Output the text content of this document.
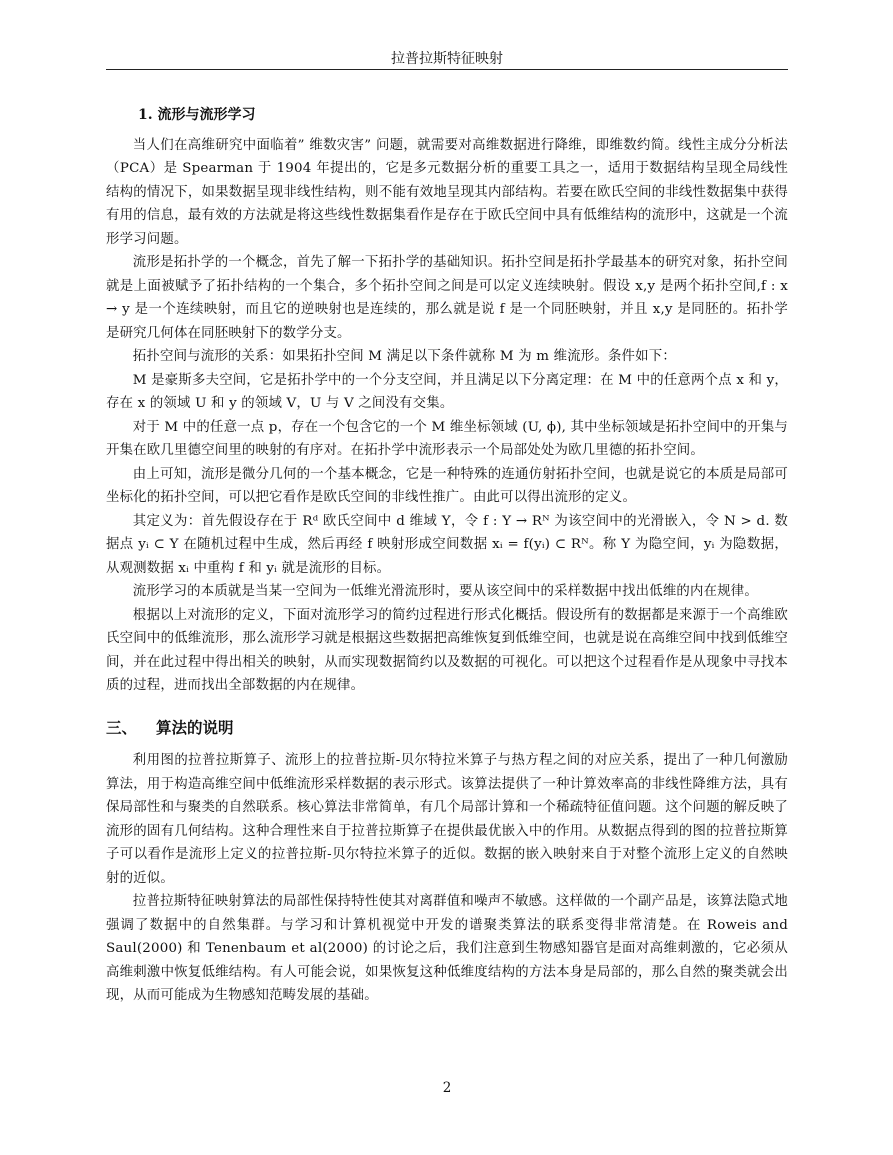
拉普拉斯特征映射
1. 流形与流形学习

当人们在高维研究中面临着” 维数灾害” 问题，就需要对高维数据进行降维，即维数约简。线性主成分分析法（PCA）是 Spearman 于 1904 年提出的，它是多元数据分析的重要工具之一，适用于数据结构呈现全局线性结构的情况下，如果数据呈现非线性结构，则不能有效地呈现其内部结构。若要在欧氏空间的非线性数据集中获得有用的信息，最有效的方法就是将这些线性数据集看作是存在于欧氏空间中具有低维结构的流形中，这就是一个流形学习问题。

流形是拓扑学的一个概念，首先了解一下拓扑学的基础知识。拓扑空间是拓扑学最基本的研究对象，拓扑空间就是上面被赋予了拓扑结构的一个集合，多个拓扑空间之间是可以定义连续映射。假设 x,y 是两个拓扑空间,f : x → y 是一个连续映射，而且它的逆映射也是连续的，那么就是说 f 是一个同胚映射，并且 x,y 是同胚的。拓扑学是研究几何体在同胚映射下的数学分支。

拓扑空间与流形的关系：如果拓扑空间 M 满足以下条件就称 M 为 m 维流形。条件如下：

M 是豪斯多夫空间，它是拓扑学中的一个分支空间，并且满足以下分离定理：在 M 中的任意两个点 x 和 y，存在 x 的领域 U 和 y 的领域 V，U 与 V 之间没有交集。

对于 M 中的任意一点 p，存在一个包含它的一个 M 维坐标领域 (U, ϕ), 其中坐标领域是拓扑空间中的开集与开集在欧几里德空间里的映射的有序对。在拓扑学中流形表示一个局部处处为欧几里德的拓扑空间。

由上可知，流形是微分几何的一个基本概念，它是一种特殊的连通仿射拓扑空间，也就是说它的本质是局部可坐标化的拓扑空间，可以把它看作是欧氏空间的非线性推广。由此可以得出流形的定义。

其定义为：首先假设存在于 Rᵈ 欧氏空间中 d 维域 Y，令 f : Y → Rᴺ 为该空间中的光滑嵌入，令 N > d. 数据点 yᵢ ⊂ Y 在随机过程中生成，然后再经 f 映射形成空间数据 xᵢ = f(yᵢ) ⊂ Rᴺ。称 Y 为隐空间，yᵢ 为隐数据，从观测数据 xᵢ 中重构 f 和 yᵢ 就是流形的目标。

流形学习的本质就是当某一空间为一低维光滑流形时，要从该空间中的采样数据中找出低维的内在规律。

根据以上对流形的定义，下面对流形学习的简约过程进行形式化概括。假设所有的数据都是来源于一个高维欧氏空间中的低维流形，那么流形学习就是根据这些数据把高维恢复到低维空间，也就是说在高维空间中找到低维空间，并在此过程中得出相关的映射，从而实现数据简约以及数据的可视化。可以把这个过程看作是从现象中寻找本质的过程，进而找出全部数据的内在规律。

三、 算法的说明

利用图的拉普拉斯算子、流形上的拉普拉斯-贝尔特拉米算子与热方程之间的对应关系，提出了一种几何激励算法，用于构造高维空间中低维流形采样数据的表示形式。该算法提供了一种计算效率高的非线性降维方法，具有保局部性和与聚类的自然联系。核心算法非常简单，有几个局部计算和一个稀疏特征值问题。这个问题的解反映了流形的固有几何结构。这种合理性来自于拉普拉斯算子在提供最优嵌入中的作用。从数据点得到的图的拉普拉斯算子可以看作是流形上定义的拉普拉斯-贝尔特拉米算子的近似。数据的嵌入映射来自于对整个流形上定义的自然映射的近似。

拉普拉斯特征映射算法的局部性保持特性使其对离群值和噪声不敏感。这样做的一个副产品是，该算法隐式地强调了数据中的自然集群。与学习和计算机视觉中开发的谱聚类算法的联系变得非常清楚。在 Roweis and Saul(2000) 和 Tenenbaum et al(2000) 的讨论之后，我们注意到生物感知器官是面对高维刺激的，它必须从高维刺激中恢复低维结构。有人可能会说，如果恢复这种低维度结构的方法本身是局部的，那么自然的聚类就会出现，从而可能成为生物感知范畴发展的基础。

2
